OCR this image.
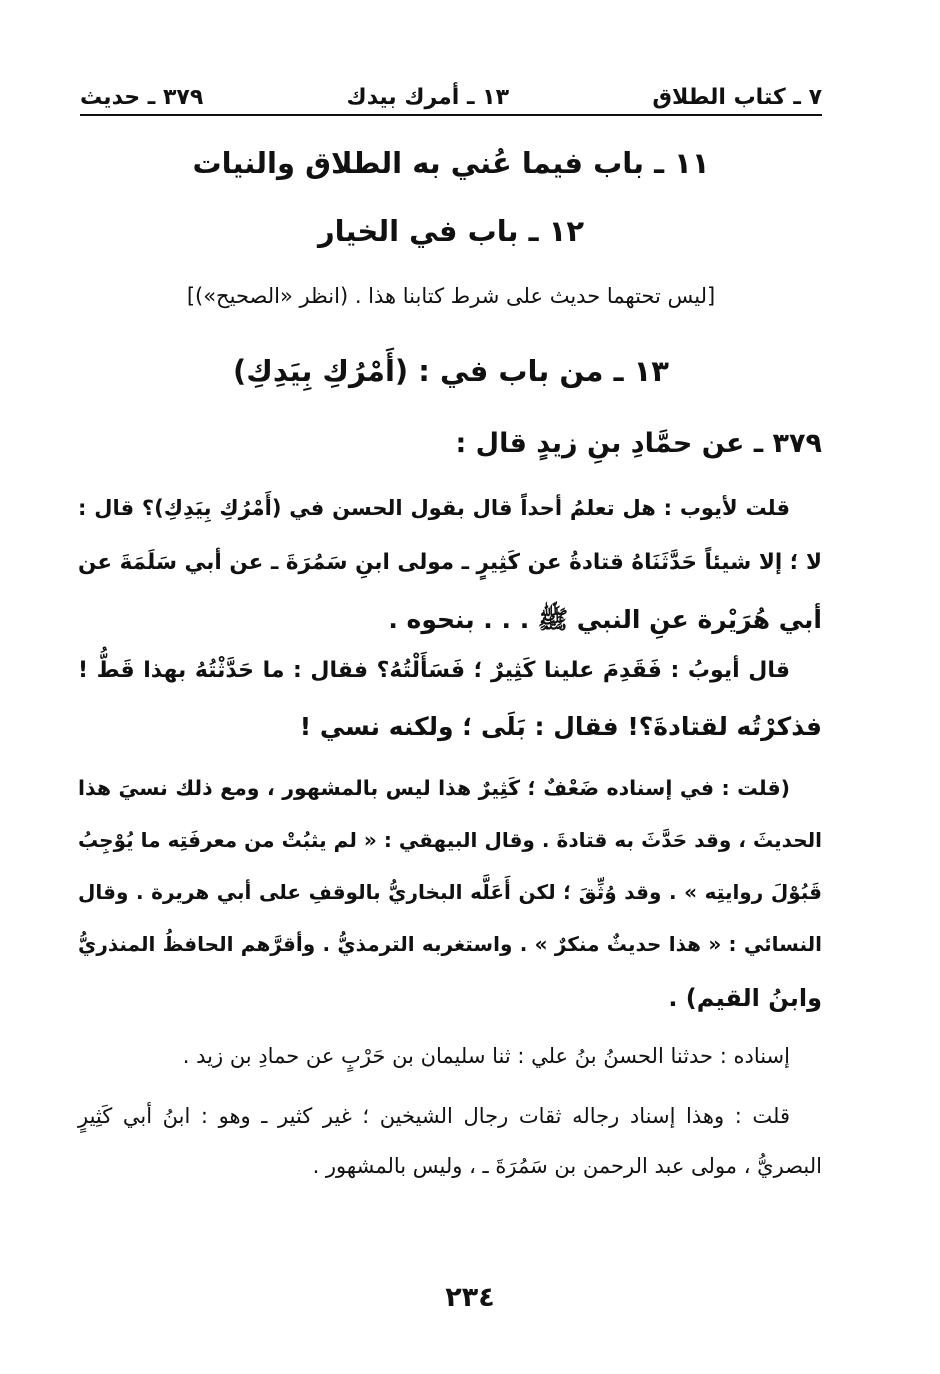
٧ ـ كتاب الطلاق
١٣ ـ أمرك بيدك
٣٧٩ ـ حديث
١١ ـ باب فيما عُني به الطلاق والنيات
١٢ ـ باب في الخيار
[ليس تحتهما حديث على شرط كتابنا هذا . (انظر «الصحيح»)]
١٣ ـ من باب في : (أَمْرُكِ بِيَدِكِ)
٣٧٩ ـ عن حمَّادِ بنِ زيدٍ قال :
قلت لأيوب : هل تعلمُ أحداً قال بقول الحسن في (أَمْرُكِ بِيَدِكِ)؟ قال :
لا ؛ إلا شيئاً حَدَّثَنَاهُ قتادةُ عن كَثِيرٍ ـ مولى ابنِ سَمُرَةَ ـ عن أبي سَلَمَةَ عن
أبي هُرَيْرة عنِ النبي ﷺ . . . بنحوه .
قال أيوبُ : فَقَدِمَ علينا كَثِيرٌ ؛ فَسَأَلْتُهُ؟ فقال : ما حَدَّثْتُهُ بهذا قَطُّ !
فذكرْتُه لقتادةَ؟! فقال : بَلَى ؛ ولكنه نسي !
(قلت : في إسناده ضَعْفٌ ؛ كَثِيرٌ هذا ليس بالمشهور ، ومع ذلك نسيَ هذا
الحديثَ ، وقد حَدَّثَ به قتادةَ . وقال البيهقي : « لم يثبُتْ من معرفَتِه ما يُوْجِبُ
قَبُوْلَ روايتِه » . وقد وُثِّقَ ؛ لكن أَعَلَّه البخاريُّ بالوقفِ على أبي هريرة . وقال
النسائي : « هذا حديثٌ منكرٌ » . واستغربه الترمذيُّ . وأقرَّهم الحافظُ المنذريُّ
وابنُ القيم) .
إسناده : حدثنا الحسنُ بنُ علي : ثنا سليمان بن حَرْبٍ عن حمادِ بن زيد .
قلت : وهذا إسناد رجاله ثقات رجال الشيخين ؛ غير كثير ـ وهو : ابنُ أبي كَثِيرٍ
البصريُّ ، مولى عبد الرحمن بن سَمُرَةَ ـ ، وليس بالمشهور .
٢٣٤
